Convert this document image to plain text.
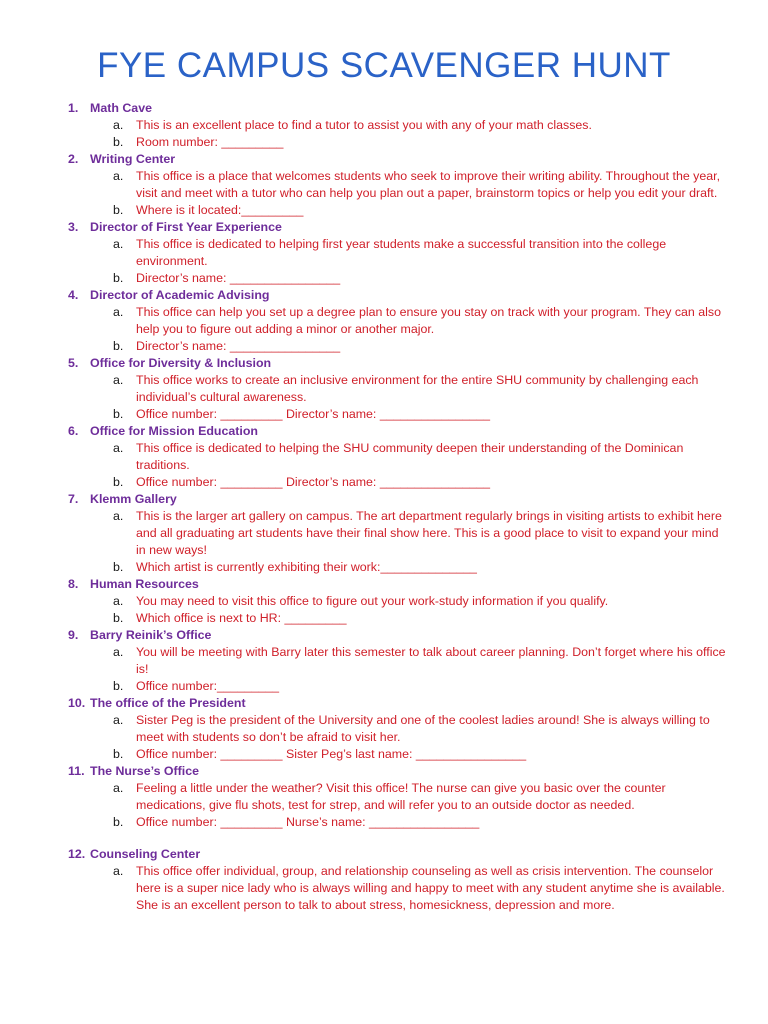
FYE CAMPUS SCAVENGER HUNT
1. Math Cave
a.	This is an excellent place to find a tutor to assist you with any of your math classes.
b.	Room number: _________
2. Writing Center
a.	This office is a place that welcomes students who seek to improve their writing ability. Throughout the year, visit and meet with a tutor who can help you plan out a paper, brainstorm topics or help you edit your draft.
b.	Where is it located:_________
3. Director of First Year Experience
a.	This office is dedicated to helping first year students make a successful transition into the college environment.
b.	Director’s name: ________________
4. Director of Academic Advising
a.	This office can help you set up a degree plan to ensure you stay on track with your program. They can also help you to figure out adding a minor or another major.
b.	Director’s name: ________________
5. Office for Diversity & Inclusion
a.	This office works to create an inclusive environment for the entire SHU community by challenging each individual’s cultural awareness.
b.	Office number: _________ Director’s name: ________________
6. Office for Mission Education
a.	This office is dedicated to helping the SHU community deepen their understanding of the Dominican traditions.
b.	Office number: _________ Director’s name: ________________
7. Klemm Gallery
a.	This is the larger art gallery on campus. The art department regularly brings in visiting artists to exhibit here and all graduating art students have their final show here. This is a good place to visit to expand your mind in new ways!
b.	Which artist is currently exhibiting their work:______________
8. Human Resources
a.	You may need to visit this office to figure out your work-study information if you qualify.
b.	Which office is next to HR: _________
9. Barry Reinik’s Office
a.	You will be meeting with Barry later this semester to talk about career planning. Don’t forget where his office is!
b.	Office number:_________
10. The office of the President
a.	Sister Peg is the president of the University and one of the coolest ladies around! She is always willing to meet with students so don’t be afraid to visit her.
b.	Office number: _________ Sister Peg’s last name: ________________
11. The Nurse’s Office
a.	Feeling a little under the weather? Visit this office! The nurse can give you basic over the counter medications, give flu shots, test for strep, and will refer you to an outside doctor as needed.
b.	Office number: _________ Nurse’s name: ________________
12. Counseling Center
a.	This office offer individual, group, and relationship counseling as well as crisis intervention. The counselor here is a super nice lady who is always willing and happy to meet with any student anytime she is available. She is an excellent person to talk to about stress, homesickness, depression and more.
